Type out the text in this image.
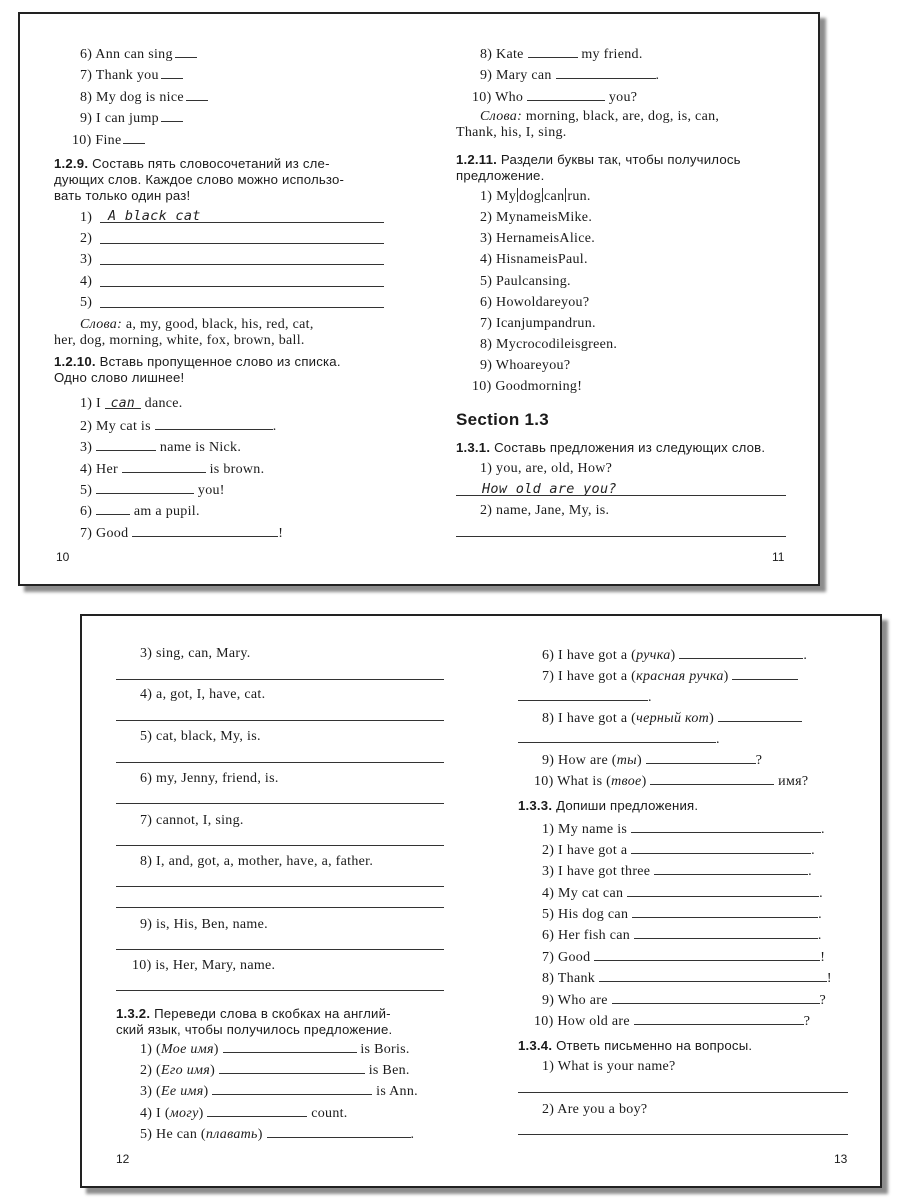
6) Ann can sing
7) Thank you
8) My dog is nice
9) I can jump
10) Fine
1.2.9. Составь пять словосочетаний из сле-
дующих слов. Каждое слово можно использо-
вать только один раз!
1) A black cat
2)
3)
4)
5)
Слова: a, my, good, black, his, red, cat,
her, dog, morning, white, fox, brown, ball.
1.2.10. Вставь пропущенное слово из списка.
Одно слово лишнее!
1) I can dance.
2) My cat is	.
3)	name is Nick.
4) Her	is brown.
5)	you!
6)	am a pupil.
7) Good	!
10
8) Kate	my friend.
9) Mary can	.
10) Who	you?
Слова: morning, black, are, dog, is, can,
Thank, his, I, sing.
1.2.11. Раздели буквы так, чтобы получилось
предложение.
1) My dog can run.
2) MynameisMike.
3) HernameisAlice.
4) HisnameisPaul.
5) Paulcansing.
6) Howoldareyou?
7) Icanjumpandrun.
8) Mycrocodileisgreen.
9) Whoareyou?
10) Goodmorning!
Section 1.3
1.3.1. Составь предложения из следующих слов.
1) you, are, old, How?
How old are you?
2) name, Jane, My, is.
11
3) sing, can, Mary.
4) a, got, I, have, cat.
5) cat, black, My, is.
6) my, Jenny, friend, is.
7) cannot, I, sing.
8) I, and, got, a, mother, have, a, father.
9) is, His, Ben, name.
10) is, Her, Mary, name.
1.3.2. Переведи слова в скобках на англий-
ский язык, чтобы получилось предложение.
1) (Мое имя)	is Boris.
2) (Его имя)	is Ben.
3) (Ее имя)	is Ann.
4) I (могу)	count.
5) He can (плавать)	.
12
6) I have got a (ручка)	.
7) I have got a (красная ручка)
.
8) I have got a (черный кот)
.
9) How are (ты)	?
10) What is (твое)	имя?
1.3.3. Допиши предложения.
1) My name is	.
2) I have got a	.
3) I have got three	.
4) My cat can	.
5) His dog can	.
6) Her fish can	.
7) Good	!
8) Thank	!
9) Who are	?
10) How old are	?
1.3.4. Ответь письменно на вопросы.
1) What is your name?
2) Are you a boy?
13
